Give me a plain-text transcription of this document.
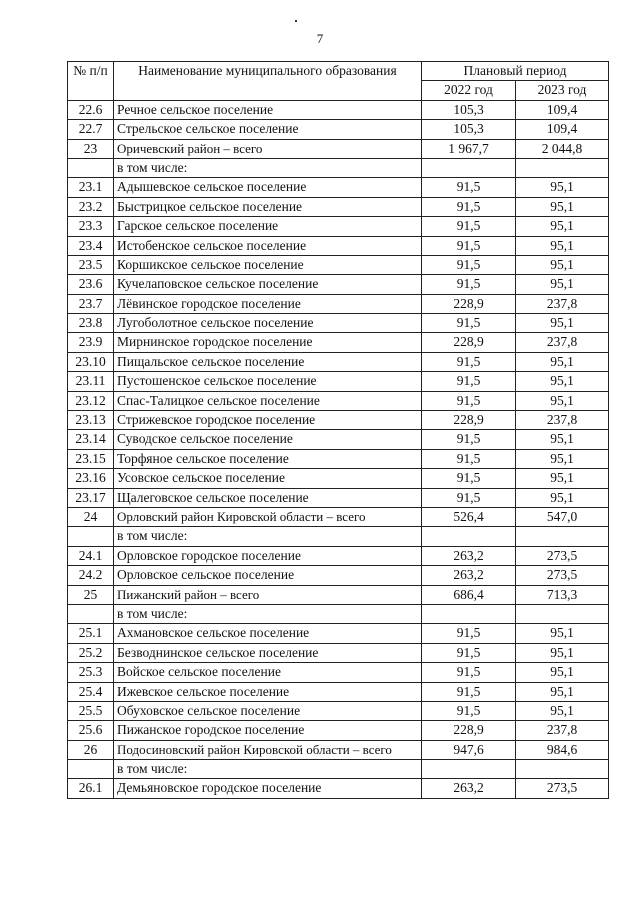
7
№ п/п	Наименование муниципального образования	Плановый период	
		2022 год	2023 год
22.6	Речное сельское поселение	105,3	109,4
22.7	Стрельское сельское поселение	105,3	109,4
23	Оричевский район – всего	1 967,7	2 044,8
	в том числе:		
23.1	Адышевское сельское поселение	91,5	95,1
23.2	Быстрицкое сельское поселение	91,5	95,1
23.3	Гарское сельское поселение	91,5	95,1
23.4	Истобенское сельское поселение	91,5	95,1
23.5	Коршикское сельское поселение	91,5	95,1
23.6	Кучелаповское сельское поселение	91,5	95,1
23.7	Лёвинское городское поселение	228,9	237,8
23.8	Лугоболотное сельское поселение	91,5	95,1
23.9	Мирнинское городское поселение	228,9	237,8
23.10	Пищальское сельское поселение	91,5	95,1
23.11	Пустошенское сельское поселение	91,5	95,1
23.12	Спас-Талицкое сельское поселение	91,5	95,1
23.13	Стрижевское городское поселение	228,9	237,8
23.14	Суводское сельское поселение	91,5	95,1
23.15	Торфяное сельское поселение	91,5	95,1
23.16	Усовское сельское поселение	91,5	95,1
23.17	Щалеговское сельское поселение	91,5	95,1
24	Орловский район Кировской области – всего	526,4	547,0
	в том числе:		
24.1	Орловское городское поселение	263,2	273,5
24.2	Орловское сельское поселение	263,2	273,5
25	Пижанский район – всего	686,4	713,3
	в том числе:		
25.1	Ахмановское сельское поселение	91,5	95,1
25.2	Безводнинское сельское поселение	91,5	95,1
25.3	Войское сельское поселение	91,5	95,1
25.4	Ижевское сельское поселение	91,5	95,1
25.5	Обуховское сельское поселение	91,5	95,1
25.6	Пижанское городское поселение	228,9	237,8
26	Подосиновский район Кировской области – всего	947,6	984,6
	в том числе:		
26.1	Демьяновское городское поселение	263,2	273,5
